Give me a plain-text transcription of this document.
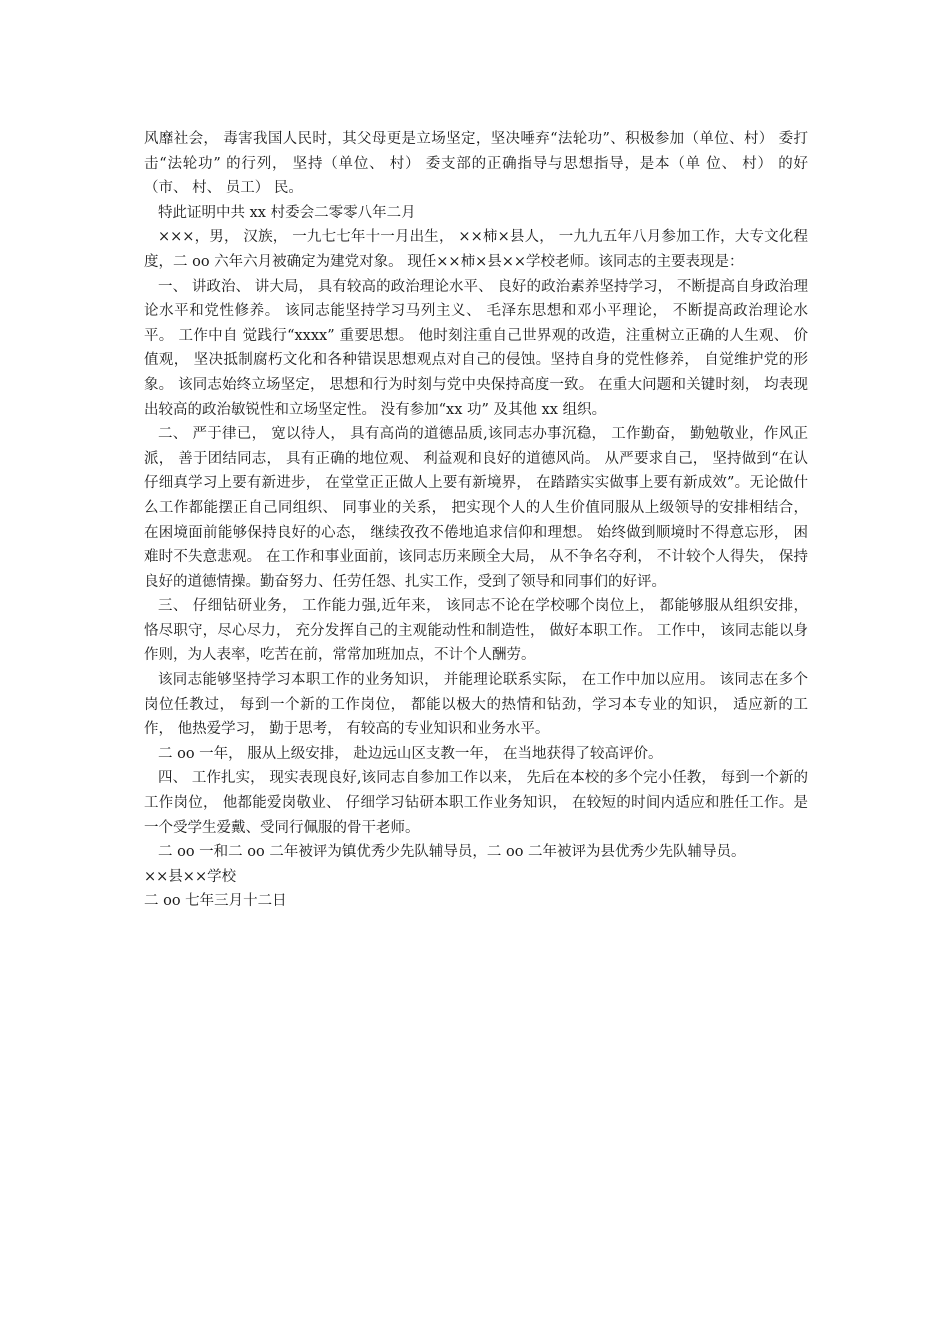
风靡社会， 毒害我国人民时，其父母更是立场坚定，坚决唾弃“法轮功”、积极参加（单位、村） 委打击“法轮功” 的行列， 坚持（单位、 村） 委支部的正确指导与思想指导，是本（单 位、 村） 的好（市、 村、 员工） 民。

特此证明中共 xx 村委会二零零八年二月

×××，男， 汉族， 一九七七年十一月出生， ××柿×县人， 一九九五年八月参加工作，大专文化程度，二 oo 六年六月被确定为建党对象。 现任××柿×县××学校老师。该同志的主要表现是：

一、 讲政治、 讲大局， 具有较高的政治理论水平、 良好的政治素养坚持学习， 不断提高自身政治理论水平和党性修养。 该同志能坚持学习马列主义、 毛泽东思想和邓小平理论， 不断提高政治理论水平。 工作中自 觉践行“xxxx” 重要思想。 他时刻注重自己世界观的改造，注重树立正确的人生观、 价值观， 坚决抵制腐朽文化和各种错误思想观点对自己的侵蚀。坚持自身的党性修养， 自觉维护党的形象。 该同志始终立场坚定， 思想和行为时刻与党中央保持高度一致。 在重大问题和关键时刻， 均表现出较高的政治敏锐性和立场坚定性。 没有参加“xx 功” 及其他 xx 组织。

二、 严于律已， 宽以待人， 具有高尚的道德品质,该同志办事沉稳， 工作勤奋， 勤勉敬业，作风正派， 善于团结同志， 具有正确的地位观、 利益观和良好的道德风尚。 从严要求自己， 坚持做到“在认仔细真学习上要有新进步， 在堂堂正正做人上要有新境界， 在踏踏实实做事上要有新成效”。无论做什么工作都能摆正自己同组织、 同事业的关系， 把实现个人的人生价值同服从上级领导的安排相结合， 在困境面前能够保持良好的心态， 继续孜孜不倦地追求信仰和理想。 始终做到顺境时不得意忘形， 困难时不失意悲观。 在工作和事业面前，该同志历来顾全大局， 从不争名夺利， 不计较个人得失， 保持良好的道德情操。勤奋努力、任劳任怨、扎实工作，受到了领导和同事们的好评。

三、 仔细钻研业务， 工作能力强,近年来， 该同志不论在学校哪个岗位上， 都能够服从组织安排， 恪尽职守，尽心尽力， 充分发挥自己的主观能动性和制造性， 做好本职工作。 工作中， 该同志能以身作则，为人表率，吃苦在前，常常加班加点，不计个人酬劳。

该同志能够坚持学习本职工作的业务知识， 并能理论联系实际， 在工作中加以应用。 该同志在多个岗位任教过， 每到一个新的工作岗位， 都能以极大的热情和钻劲，学习本专业的知识， 适应新的工作， 他热爱学习， 勤于思考， 有较高的专业知识和业务水平。

二 oo 一年， 服从上级安排， 赴边远山区支教一年， 在当地获得了较高评价。

四、 工作扎实， 现实表现良好,该同志自参加工作以来， 先后在本校的多个完小任教， 每到一个新的工作岗位， 他都能爱岗敬业、 仔细学习钻研本职工作业务知识， 在较短的时间内适应和胜任工作。是一个受学生爱戴、受同行佩服的骨干老师。

二 oo 一和二 oo 二年被评为镇优秀少先队辅导员，二 oo 二年被评为县优秀少先队辅导员。

××县××学校

二 oo 七年三月十二日
